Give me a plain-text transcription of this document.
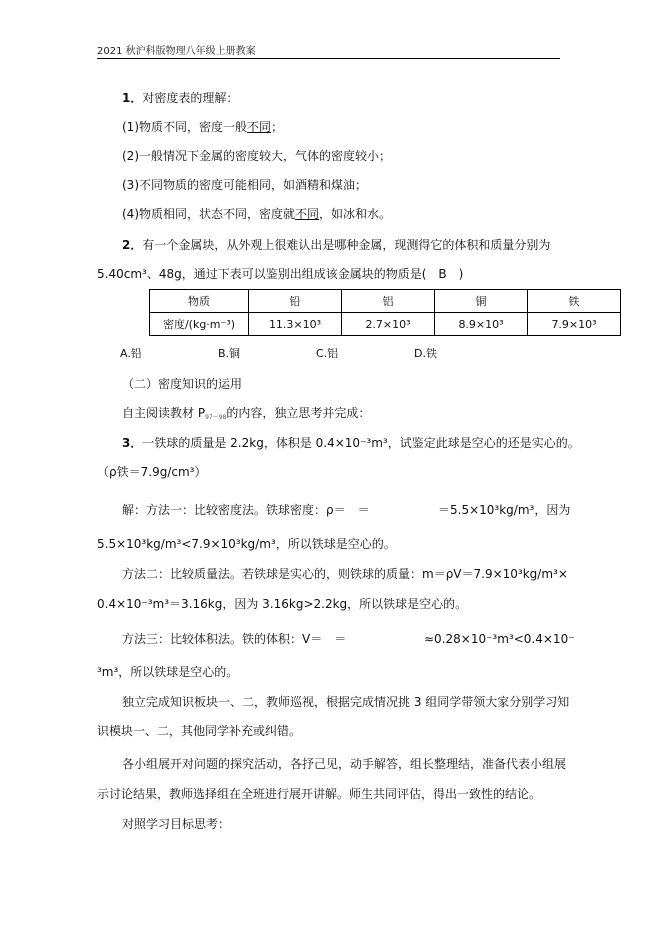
2021 秋沪科版物理八年级上册教案
1．对密度表的理解：
(1)物质不同，密度一般不同；
(2)一般情况下金属的密度较大，气体的密度较小；
(3)不同物质的密度可能相同，如酒精和煤油；
(4)物质相同，状态不同，密度就不同，如冰和水。
2．有一个金属块，从外观上很难认出是哪种金属，现测得它的体积和质量分别为
5.40cm³、48g，通过下表可以鉴别出组成该金属块的物质是(　B　)
物质	铅	铝	铜	铁
密度/(kg·m⁻³)	11.3×10³	2.7×10³	8.9×10³	7.9×10³
A.铅	B.铜	C.铝	D.铁
（二）密度知识的运用
自主阅读教材 $P_{97\sim 98}$的内容，独立思考并完成：
3．一铁球的质量是 2.2kg，体积是 0.4×10⁻³m³，试鉴定此球是空心的还是实心的。
（ρ铁＝7.9g/cm³）
解：方法一：比较密度法。铁球密度：ρ＝　＝	＝5.5×10³kg/m³，因为
5.5×10³kg/m³<7.9×10³kg/m³，所以铁球是空心的。
方法二：比较质量法。若铁球是实心的，则铁球的质量：m＝ρV＝7.9×10³kg/m³×
0.4×10⁻³m³＝3.16kg，因为 3.16kg>2.2kg，所以铁球是空心的。
方法三：比较体积法。铁的体积：V＝　＝	≈0.28×10⁻³m³<0.4×10⁻
³m³，所以铁球是空心的。
独立完成知识板块一、二，教师巡视，根据完成情况挑 3 组同学带领大家分别学习知
识模块一、二，其他同学补充或纠错。
各小组展开对问题的探究活动，各抒己见，动手解答，组长整理结，准备代表小组展
示讨论结果，教师选择组在全班进行展开讲解。师生共同评估，得出一致性的结论。
对照学习目标思考：
